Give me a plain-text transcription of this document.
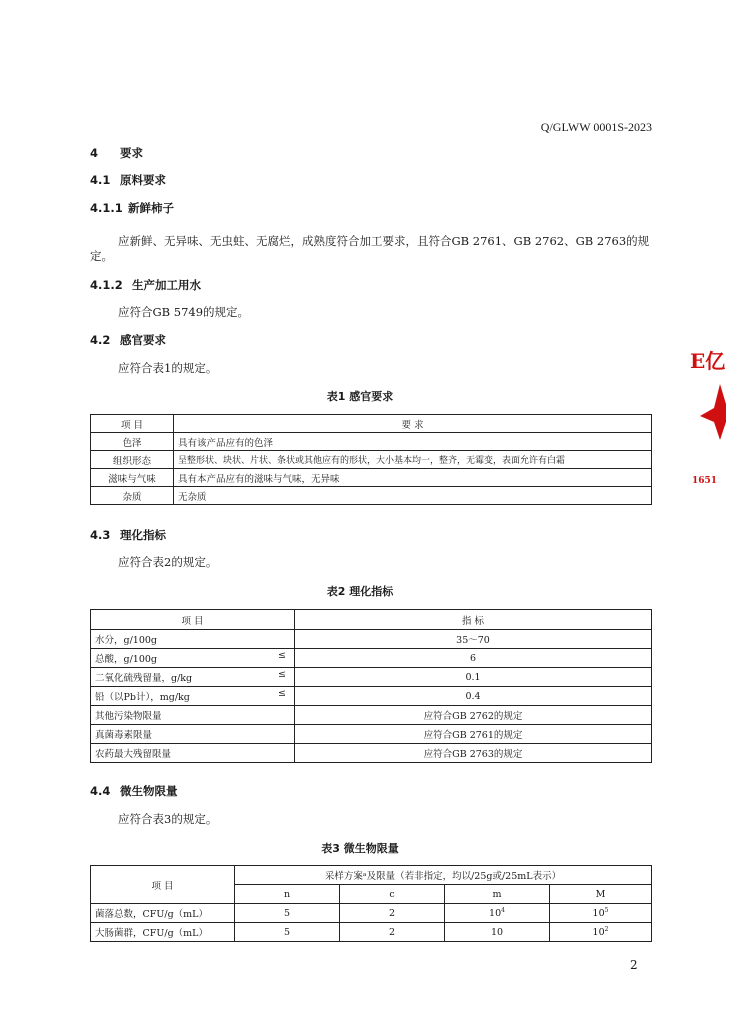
Q/GLWW 0001S-2023
4 要求
4.1 原料要求
4.1.1 新鲜柿子
应新鲜、无异味、无虫蛀、无腐烂，成熟度符合加工要求，且符合GB 2761、GB 2762、GB 2763的规
定。
4.1.2 生产加工用水
应符合GB 5749的规定。
4.2 感官要求
应符合表1的规定。
表1 感官要求
项 目	要 求
色泽	具有该产品应有的色泽
组织形态	呈整形状、块状、片状、条状或其他应有的形状，大小基本均一，整齐，无霉变，表面允许有白霜
滋味与气味	具有本产品应有的滋味与气味，无异味
杂质	无杂质
4.3 理化指标
应符合表2的规定。
表2 理化指标
项 目	指 标
水分，g/100g	35～70
总酸，g/100g ≤	6
二氧化硫残留量，g/kg ≤	0.1
铅（以Pb计），mg/kg ≤	0.4
其他污染物限量	应符合GB 2762的规定
真菌毒素限量	应符合GB 2761的规定
农药最大残留限量	应符合GB 2763的规定
4.4 微生物限量
应符合表3的规定。
表3 微生物限量
项 目	采样方案ᵃ及限量（若非指定，均以/25g或/25mL表示）			
	n	c	m	M
菌落总数，CFU/g（mL）	5	2	$10^4$	$10^5$
大肠菌群，CFU/g（mL）	5	2	10	$10^2$
2
E亿
1651
